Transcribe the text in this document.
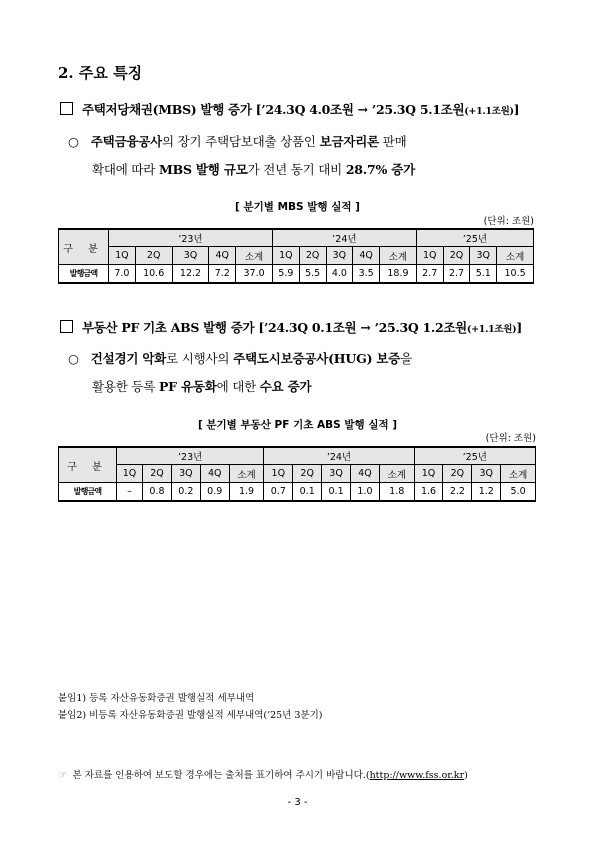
2. 주요 특징
주택저당채권(MBS) 발행 증가 [’24.3Q 4.0조원 → ’25.3Q 5.1조원(+1.1조원)]
○ 주택금융공사의 장기 주택담보대출 상품인 보금자리론 판매
확대에 따라 MBS 발행 규모가 전년 동기 대비 28.7% 증가
[ 분기별 MBS 발행 실적 ]
(단위: 조원)
구 분	’23년					’24년					’25년			
	1Q	2Q	3Q	4Q	소계	1Q	2Q	3Q	4Q	소계	1Q	2Q	3Q	소계
발행금액	7.0	10.6	12.2	7.2	37.0	5.9	5.5	4.0	3.5	18.9	2.7	2.7	5.1	10.5
부동산 PF 기초 ABS 발행 증가 [’24.3Q 0.1조원 → ’25.3Q 1.2조원(+1.1조원)]
○ 건설경기 악화로 시행사의 주택도시보증공사(HUG) 보증을
활용한 등록 PF 유동화에 대한 수요 증가
[ 분기별 부동산 PF 기초 ABS 발행 실적 ]
(단위: 조원)
구 분	’23년					’24년					’25년			
	1Q	2Q	3Q	4Q	소계	1Q	2Q	3Q	4Q	소계	1Q	2Q	3Q	소계
발행금액	–	0.8	0.2	0.9	1.9	0.7	0.1	0.1	1.0	1.8	1.6	2.2	1.2	5.0
붙임1) 등록 자산유동화증권 발행실적 세부내역
붙임2) 비등록 자산유동화증권 발행실적 세부내역(’25년 3분기)
☞ 본 자료를 인용하여 보도할 경우에는 출처를 표기하여 주시기 바랍니다.(http://www.fss.or.kr)
- 3 -
